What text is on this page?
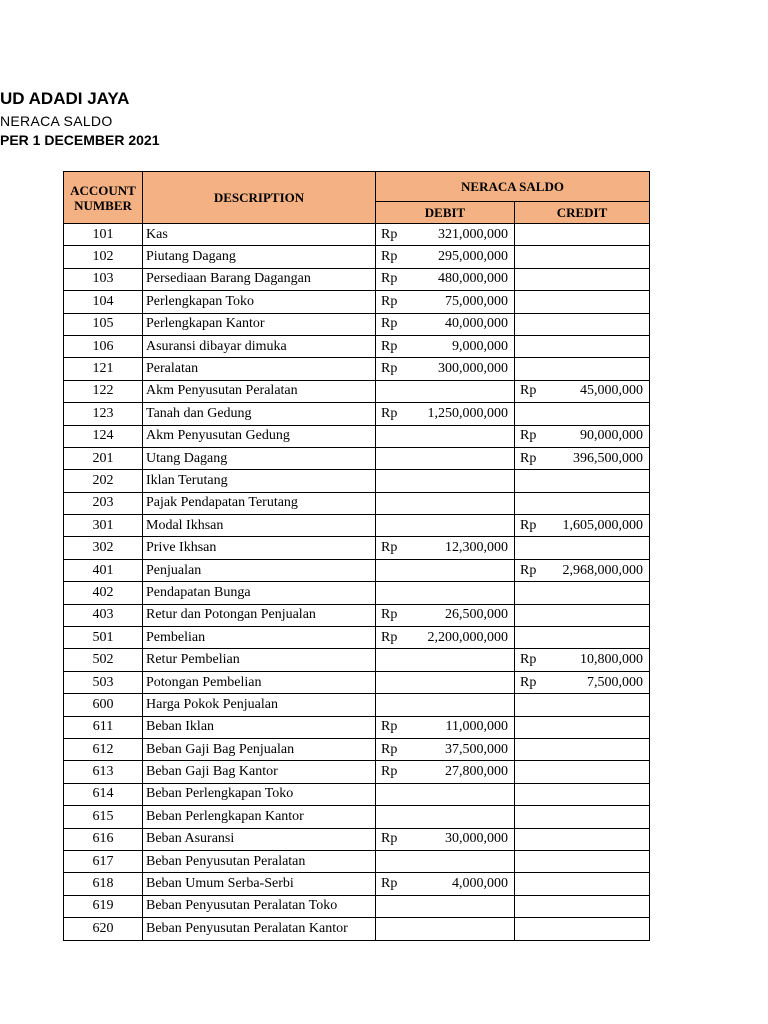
UD ADADI JAYA
NERACA SALDO
PER 1 DECEMBER 2021
ACCOUNT NUMBER	DESCRIPTION	NERACA SALDO	
		DEBIT	CREDIT
101	Kas	Rp 321,000,000	

102	Piutang Dagang	Rp 295,000,000	

103	Persediaan Barang Dagangan	Rp 480,000,000	

104	Perlengkapan Toko	Rp 75,000,000	

105	Perlengkapan Kantor	Rp 40,000,000	

106	Asuransi dibayar dimuka	Rp 9,000,000	

121	Peralatan	Rp 300,000,000	

122	Akm Penyusutan Peralatan		Rp 45,000,000

123	Tanah dan Gedung	Rp 1,250,000,000	

124	Akm Penyusutan Gedung		Rp 90,000,000

201	Utang Dagang		Rp 396,500,000

202	Iklan Terutang		
203	Pajak Pendapatan Terutang		
301	Modal Ikhsan		Rp 1,605,000,000

302	Prive Ikhsan	Rp 12,300,000	

401	Penjualan		Rp 2,968,000,000

402	Pendapatan Bunga		
403	Retur dan Potongan Penjualan	Rp 26,500,000	

501	Pembelian	Rp 2,200,000,000	

502	Retur Pembelian		Rp 10,800,000

503	Potongan Pembelian		Rp 7,500,000

600	Harga Pokok Penjualan		
611	Beban Iklan	Rp 11,000,000	

612	Beban Gaji Bag Penjualan	Rp 37,500,000	

613	Beban Gaji Bag Kantor	Rp 27,800,000	

614	Beban Perlengkapan Toko		
615	Beban Perlengkapan Kantor		
616	Beban Asuransi	Rp 30,000,000	

617	Beban Penyusutan Peralatan		
618	Beban Umum Serba-Serbi	Rp 4,000,000	

619	Beban Penyusutan Peralatan Toko		
620	Beban Penyusutan Peralatan Kantor		
